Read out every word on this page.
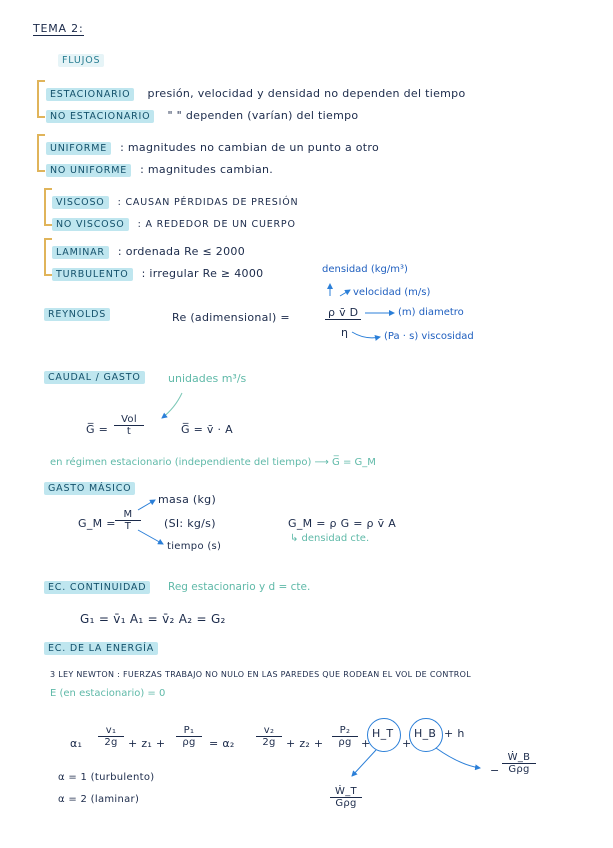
TEMA 2:
FLUJOS
ESTACIONARIO presión, velocidad y densidad no dependen del tiempo
NO ESTACIONARIO " " dependen (varían) del tiempo
UNIFORME : magnitudes no cambian de un punto a otro
NO UNIFORME : magnitudes cambian.
VISCOSO : CAUSAN PÉRDIDAS DE PRESIÓN
NO VISCOSO : A REDEDOR DE UN CUERPO
LAMINAR : ordenada Re ≤ 2000
TURBULENTO : irregular Re ≥ 4000	densidad (kg/m³)
velocidad (m/s)
REYNOLDS	Re (adimensional) =	ρ v̄ D
η
(m) diametro
(Pa · s) viscosidad
CAUDAL / GASTO	unidades m³/s
G̅ =
Vol
t	G̅ = v̄ · A
en régimen estacionario (independiente del tiempo) ⟶ G̅ = G_M
GASTO MÁSICO
masa (kg)
G_M = $\frac{M}{T} (SI$: kg/s)	G_M = ρ G = ρ v̄ A
tiempo (s)
↳ densidad cte.
EC. CONTINUIDAD	Reg estacionario y d = cte.
G₁ = v̄₁ A₁ = v̄₂ A₂ = G₂
EC. DE LA ENERGÍA
3 LEY NEWTON : FUERZAS TRABAJO NO NULO EN LAS PAREDES QUE RODEAN EL VOL DE CONTROL
E (en estacionario) = 0
$\alpha_1 \frac{\text{v₁}}{2g} + z_1 + \frac{\text{P₁}}{\rho g} = \alpha_2 \frac{\text{v₂}}{2g} + z_2 + \frac{\text{P₂}}{\rho g}$ +
H_T
+
H_B + h
Ẇ_T
Gρg
−
Ẇ_B
Gρg
α = 1 (turbulento)
α = 2 (laminar)
